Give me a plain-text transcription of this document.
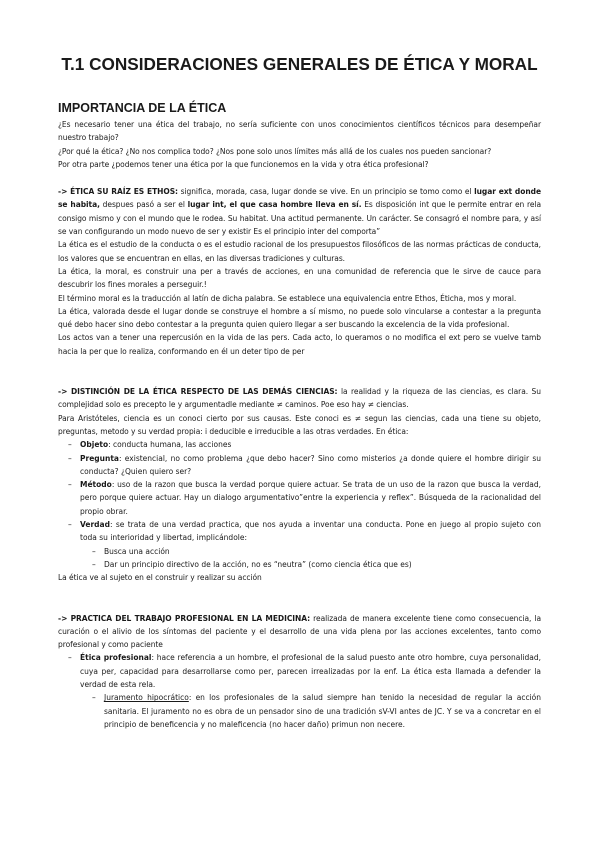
T.1 CONSIDERACIONES GENERALES DE ÉTICA Y MORAL
IMPORTANCIA DE LA ÉTICA

¿Es necesario tener una ética del trabajo, no sería suficiente con unos conocimientos científicos técnicos para desempeñar nuestro trabajo?

¿Por qué la ética? ¿No nos complica todo? ¿Nos pone solo unos límites más allá de los cuales nos pueden sancionar?

Por otra parte ¿podemos tener una ética por la que funcionemos en la vida y otra ética profesional?

-> ÉTICA SU RAÍZ ES ETHOS: significa, morada, casa, lugar donde se vive. En un principio se tomo como el lugar ext donde se habita, despues pasó a ser el lugar int, el que casa hombre lleva en sí. Es disposición int que le permite entrar en rela consigo mismo y con el mundo que le rodea. Su habitat. Una actitud permanente. Un carácter. Se consagró el nombre para, y así se van configurando un modo nuevo de ser y existir Es el principio inter del comporta”

La ética es el estudio de la conducta o es el estudio racional de los presupuestos filosóficos de las normas prácticas de conducta, los valores que se encuentran en ellas, en las diversas tradiciones y culturas.

La ética, la moral, es construir una per a través de acciones, en una comunidad de referencia que le sirve de cauce para descubrir los fines morales a perseguir.!

El término moral es la traducción al latín de dicha palabra. Se establece una equivalencia entre Ethos, Éticha, mos y moral.

La ética, valorada desde el lugar donde se construye el hombre a sí mismo, no puede solo vincularse a contestar a la pregunta qué debo hacer sino debo contestar a la pregunta quien quiero llegar a ser buscando la excelencia de la vida profesional.

Los actos van a tener una repercusión en la vida de las pers. Cada acto, lo queramos o no modifica el ext pero se vuelve tamb hacia la per que lo realiza, conformando en él un deter tipo de per

-> DISTINCIÓN DE LA ÉTICA RESPECTO DE LAS DEMÁS CIENCIAS: la realidad y la riqueza de las ciencias, es clara. Su complejidad solo es precepto le y argumentadle mediante ≠ caminos. Poe eso hay ≠ ciencias.

Para Aristóteles, ciencia es un conoci cierto por sus causas. Este conoci es ≠ segun las ciencias, cada una tiene su objeto, preguntas, metodo y su verdad propia: i deducible e irreducible a las otras verdades. En ética:

– Objeto: conducta humana, las acciones
– Pregunta: existencial, no como problema ¿que debo hacer? Sino como misterios ¿a donde quiere el hombre dirigir su conducta? ¿Quien quiero ser?
– Método: uso de la razon que busca la verdad porque quiere actuar. Se trata de un uso de la razon que busca la verdad, pero porque quiere actuar. Hay un dialogo argumentativo”entre la experiencia y reflex”. Búsqueda de la racionalidad del propio obrar.
– Verdad: se trata de una verdad practica, que nos ayuda a inventar una conducta. Pone en juego al propio sujeto con toda su interioridad y libertad, implicándole:
– Busca una acción
– Dar un principio directivo de la acción, no es “neutra” (como ciencia ética que es)

La ética ve al sujeto en el construir y realizar su acción

-> PRACTICA DEL TRABAJO PROFESIONAL EN LA MEDICINA: realizada de manera excelente tiene como consecuencia, la curación o el alivio de los síntomas del paciente y el desarrollo de una vida plena por las acciones excelentes, tanto como profesional y como paciente

– Ética profesional: hace referencia a un hombre, el profesional de la salud puesto ante otro hombre, cuya personalidad, cuya per, capacidad para desarrollarse como per, parecen irrealizadas por la enf. La ética esta llamada a defender la verdad de esta rela.
– Juramento hipocrático: en los profesionales de la salud siempre han tenido la necesidad de regular la acción sanitaria. El juramento no es obra de un pensador sino de una tradición sV-VI antes de JC. Y se va a concretar en el principio de beneficencia y no maleficencia (no hacer daño) primun non necere.
